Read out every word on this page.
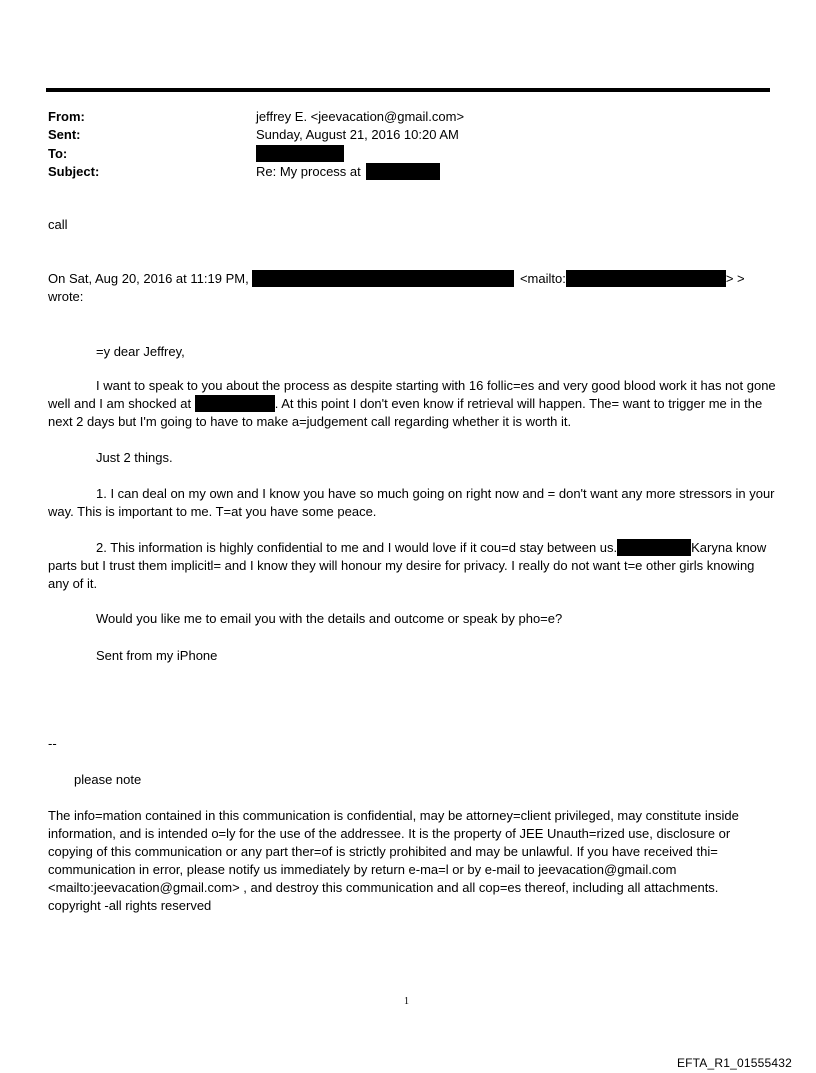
From:	jeffrey E. <jeevacation@gmail.com>
Sent:	Sunday, August 21, 2016 10:20 AM
To:
Subject:	Re: My process at
call
On Sat, Aug 20, 2016 at 11:19 PM,	<mailto:	> >
wrote:
=y dear Jeffrey,
I want to speak to you about the process as despite starting with 16 follic=es and very good blood work it has not gone well and I am shocked at	. At this point I don't even know if retrieval will happen. The= want to trigger me in the next 2 days but I'm going to have to make a=judgement call regarding whether it is worth it.
Just 2 things.
1. I can deal on my own and I know you have so much going on right now and = don't want any more stressors in your way. This is important to me. T=at you have some peace.
2. This information is highly confidential to me and I would love if it cou=d stay between us.	Karyna know parts but I trust them implicitl= and I know they will honour my desire for privacy. I really do not want t=e other girls knowing any of it.
Would you like me to email you with the details and outcome or speak by pho=e?
Sent from my iPhone
--
please note
The info=mation contained in this communication is confidential, may be attorney=client privileged, may constitute inside information, and is intended o=ly for the use of the addressee. It is the property of JEE Unauth=rized use, disclosure or copying of this communication or any part ther=of is strictly prohibited and may be unlawful. If you have received thi= communication in error, please notify us immediately by return e-ma=l or by e-mail to jeevacation@gmail.com <mailto:jeevacation@gmail.com> , and destroy this communication and all cop=es thereof, including all attachments. copyright -all rights reserved
1
EFTA_R1_01555432
